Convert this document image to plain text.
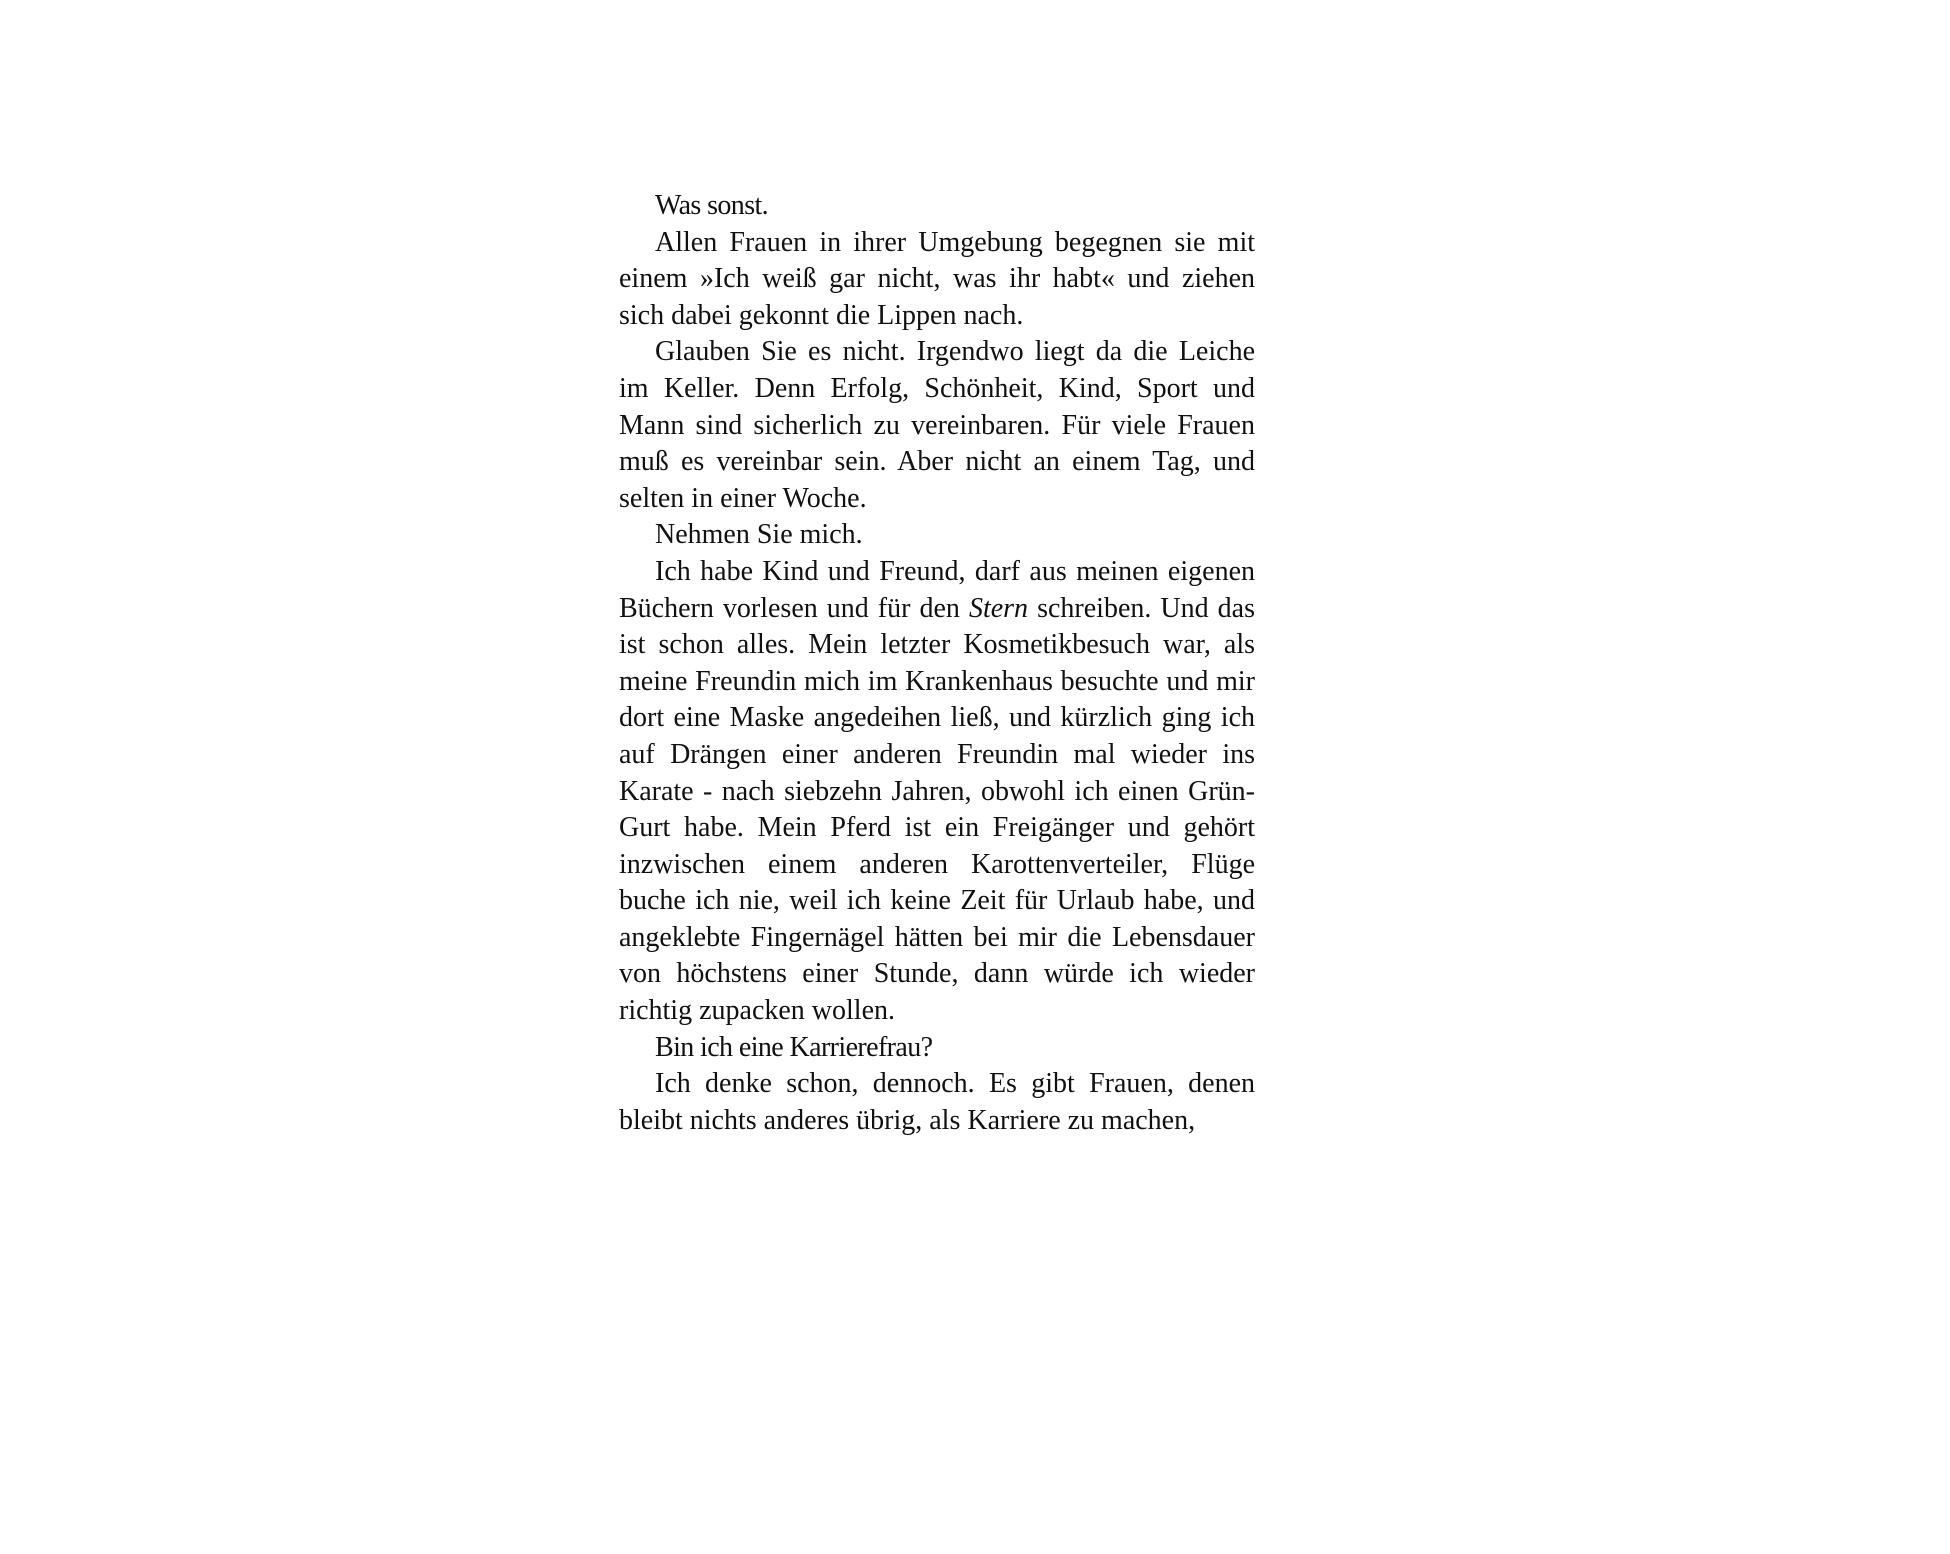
Was sonst.

Allen Frauen in ihrer Umgebung begegnen sie mit einem »Ich weiß gar nicht, was ihr habt« und ziehen sich dabei gekonnt die Lippen nach.

Glauben Sie es nicht. Irgendwo liegt da die Leiche im Keller. Denn Erfolg, Schönheit, Kind, Sport und Mann sind sicherlich zu vereinbaren. Für viele Frauen muß es vereinbar sein. Aber nicht an einem Tag, und selten in einer Woche.

Nehmen Sie mich.

Ich habe Kind und Freund, darf aus meinen eigenen Büchern vorlesen und für den Stern schreiben. Und das ist schon alles. Mein letzter Kosmetikbesuch war, als meine Freundin mich im Krankenhaus besuchte und mir dort eine Maske angedeihen ließ, und kürzlich ging ich auf Drängen einer anderen Freundin mal wieder ins Karate - nach siebzehn Jahren, obwohl ich einen Grün-Gurt habe. Mein Pferd ist ein Freigänger und gehört inzwischen einem anderen Karottenverteiler, Flüge buche ich nie, weil ich keine Zeit für Urlaub habe, und angeklebte Fingernägel hätten bei mir die Lebensdauer von höchstens einer Stunde, dann würde ich wieder richtig zupacken wollen.

Bin ich eine Karrierefrau?

Ich denke schon, dennoch. Es gibt Frauen, denen bleibt nichts anderes übrig, als Karriere zu machen,
